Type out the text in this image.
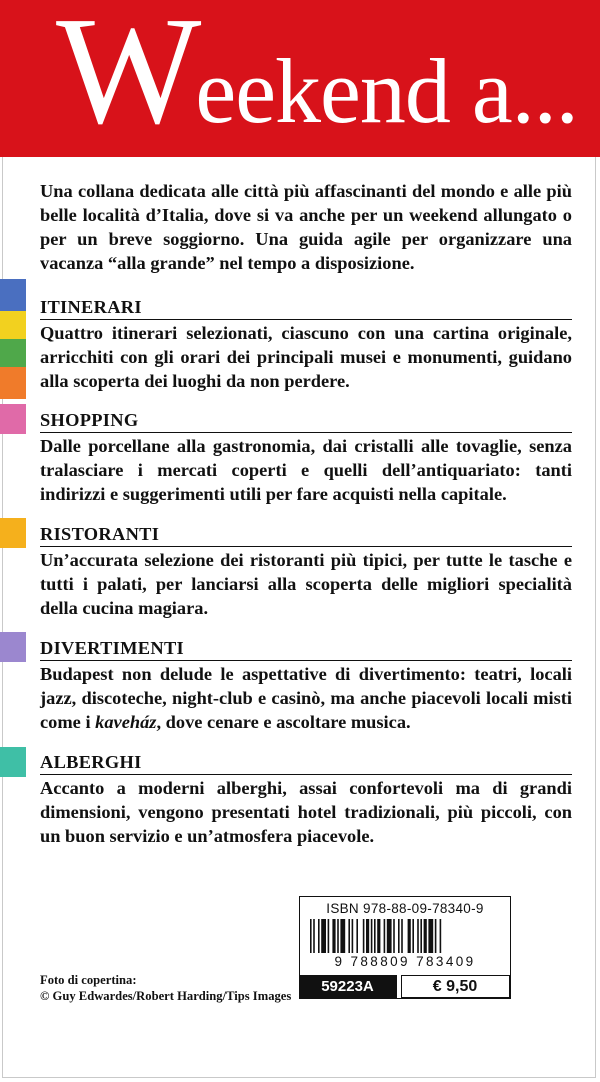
Weekend a...
Una collana dedicata alle città più affascinanti del mondo e alle più belle località d’Italia, dove si va anche per un weekend allungato o per un breve soggiorno. Una guida agile per organizzare una vacanza “alla grande” nel tempo a disposizione.
ITINERARI
Quattro itinerari selezionati, ciascuno con una cartina originale, arricchiti con gli orari dei principali musei e monumenti, guidano alla scoperta dei luoghi da non perdere.
SHOPPING
Dalle porcellane alla gastronomia, dai cristalli alle tovaglie, senza tralasciare i mercati coperti e quelli dell’antiquariato: tanti indirizzi e suggerimenti utili per fare acquisti nella capitale.
RISTORANTI
Un’accurata selezione dei ristoranti più tipici, per tutte le tasche e tutti i palati, per lanciarsi alla scoperta delle migliori specialità della cucina magiara.
DIVERTIMENTI
Budapest non delude le aspettative di divertimento: teatri, locali jazz, discoteche, night-club e casinò, ma anche piacevoli locali misti come i kaveház, dove cenare e ascoltare musica.
ALBERGHI
Accanto a moderni alberghi, assai confortevoli ma di grandi dimensioni, vengono presentati hotel tradizionali, più piccoli, con un buon servizio e un’atmosfera piacevole.
Foto di copertina:
© Guy Edwardes/Robert Harding/Tips Images
ISBN 978-88-09-78340-9
9 788809 783409
59223A	€ 9,50
